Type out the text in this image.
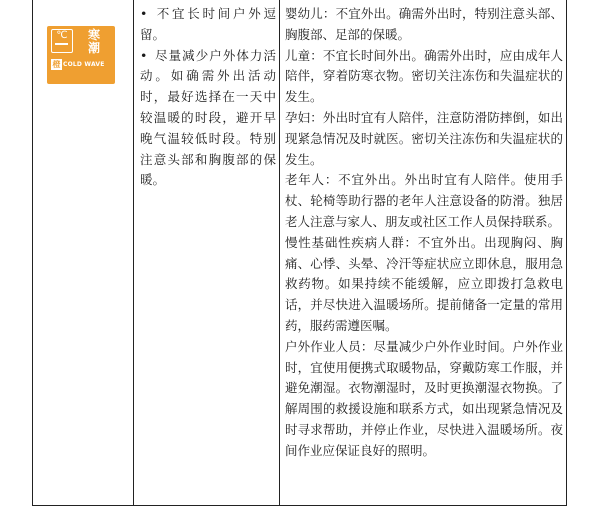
℃	寒
潮
橙 COLD WAVE

• 不宜长时间户外逗留。

• 尽量减少户外体力活动。如确需外出活动时，最好选择在一天中较温暖的时段，避开早晚气温较低时段。特别注意头部和胸腹部的保暖。

婴幼儿：不宜外出。确需外出时，特别注意头部、胸腹部、足部的保暖。

儿童：不宜长时间外出。确需外出时，应由成年人陪伴，穿着防寒衣物。密切关注冻伤和失温症状的发生。

孕妇：外出时宜有人陪伴，注意防滑防摔倒，如出现紧急情况及时就医。密切关注冻伤和失温症状的发生。

老年人：不宜外出。外出时宜有人陪伴。使用手杖、轮椅等助行器的老年人注意设备的防滑。独居老人注意与家人、朋友或社区工作人员保持联系。

慢性基础性疾病人群：不宜外出。出现胸闷、胸痛、心悸、头晕、冷汗等症状应立即休息，服用急救药物。如果持续不能缓解，应立即拨打急救电话，并尽快进入温暖场所。提前储备一定量的常用药，服药需遵医嘱。

户外作业人员：尽量减少户外作业时间。户外作业时，宜使用便携式取暖物品，穿戴防寒工作服，并避免潮湿。衣物潮湿时，及时更换潮湿衣物换。了解周围的救援设施和联系方式，如出现紧急情况及时寻求帮助，并停止作业，尽快进入温暖场所。夜间作业应保证良好的照明。
